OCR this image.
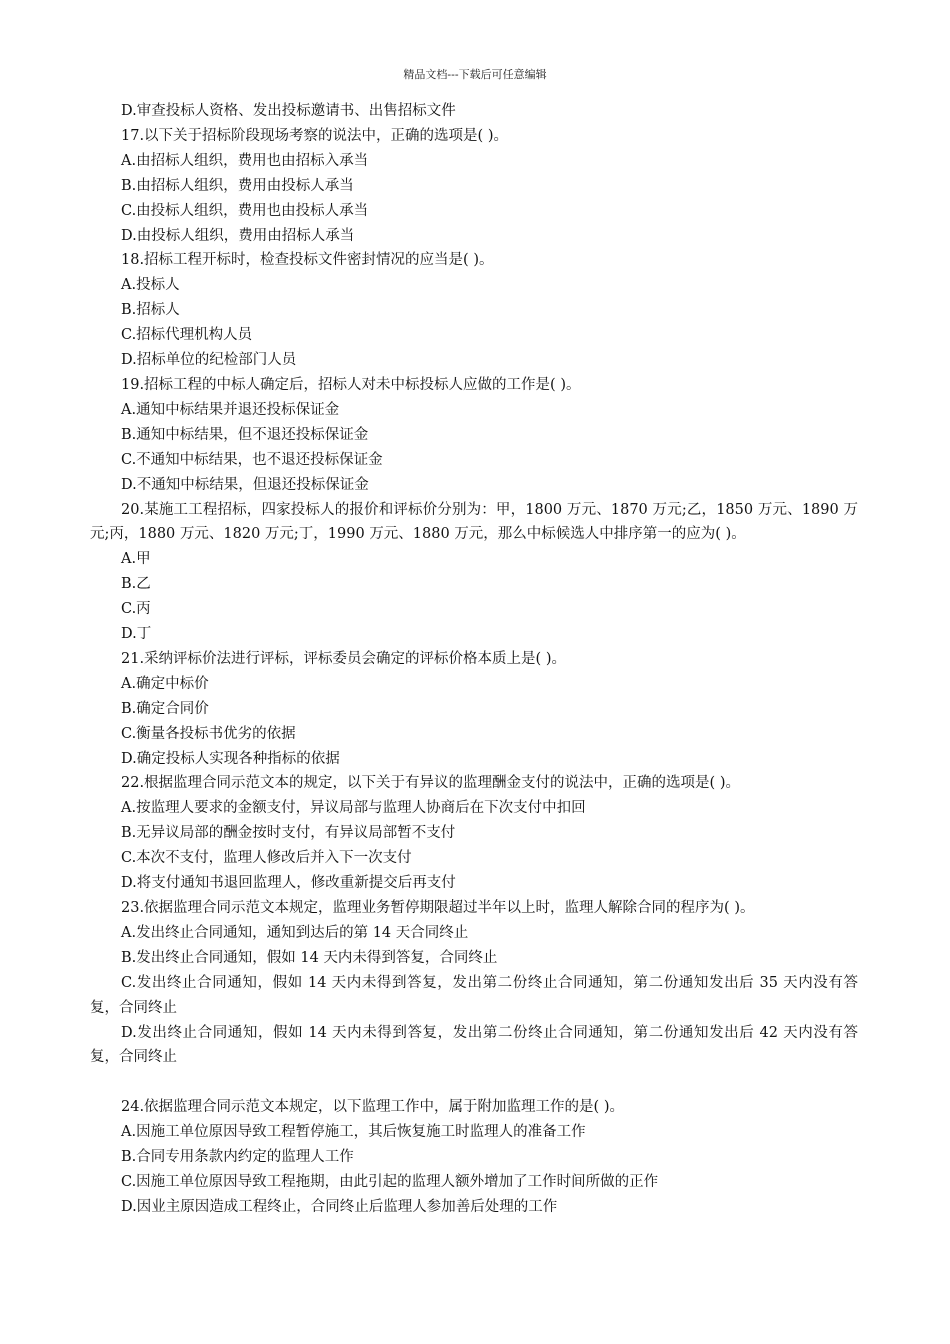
精品文档---下载后可任意编辑
D.审查投标人资格、发出投标邀请书、出售招标文件
17.以下关于招标阶段现场考察的说法中，正确的选项是( )。
A.由招标人组织，费用也由招标入承当
B.由招标人组织，费用由投标人承当
C.由投标人组织，费用也由投标人承当
D.由投标人组织，费用由招标人承当
18.招标工程开标时，检查投标文件密封情况的应当是( )。
A.投标人
B.招标人
C.招标代理机构人员
D.招标单位的纪检部门人员
19.招标工程的中标人确定后，招标人对未中标投标人应做的工作是( )。
A.通知中标结果并退还投标保证金
B.通知中标结果，但不退还投标保证金
C.不通知中标结果，也不退还投标保证金
D.不通知中标结果，但退还投标保证金
20.某施工工程招标，四家投标人的报价和评标价分别为：甲，1800 万元、1870 万元;乙，1850 万元、1890 万元;丙，1880 万元、1820 万元;丁，1990 万元、1880 万元，那么中标候选人中排序第一的应为( )。
A.甲
B.乙
C.丙
D.丁
21.采纳评标价法进行评标，评标委员会确定的评标价格本质上是( )。
A.确定中标价
B.确定合同价
C.衡量各投标书优劣的依据
D.确定投标人实现各种指标的依据
22.根据监理合同示范文本的规定，以下关于有异议的监理酬金支付的说法中，正确的选项是( )。
A.按监理人要求的金额支付，异议局部与监理人协商后在下次支付中扣回
B.无异议局部的酬金按时支付，有异议局部暂不支付
C.本次不支付，监理人修改后并入下一次支付
D.将支付通知书退回监理人，修改重新提交后再支付
23.依据监理合同示范文本规定，监理业务暂停期限超过半年以上时，监理人解除合同的程序为( )。
A.发出终止合同通知，通知到达后的第 14 天合同终止
B.发出终止合同通知，假如 14 天内未得到答复，合同终止
C.发出终止合同通知，假如 14 天内未得到答复，发出第二份终止合同通知，第二份通知发出后 35 天内没有答复，合同终止
D.发出终止合同通知，假如 14 天内未得到答复，发出第二份终止合同通知，第二份通知发出后 42 天内没有答复，合同终止
24.依据监理合同示范文本规定，以下监理工作中，属于附加监理工作的是( )。
A.因施工单位原因导致工程暂停施工，其后恢复施工时监理人的准备工作
B.合同专用条款内约定的监理人工作
C.因施工单位原因导致工程拖期，由此引起的监理人额外增加了工作时间所做的正作
D.因业主原因造成工程终止，合同终止后监理人参加善后处理的工作
